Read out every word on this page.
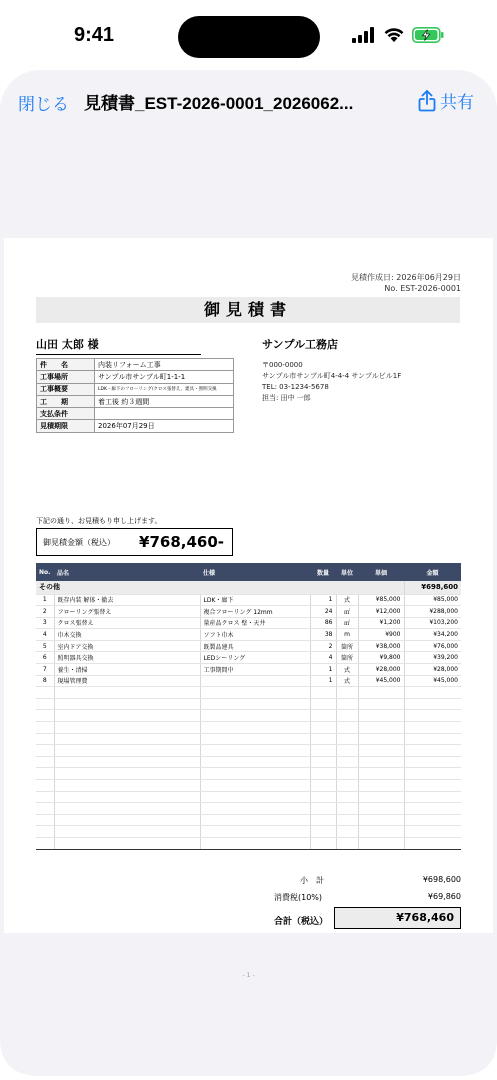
9:41
閉じる 見積書_EST-2026-0001_2026062...	共有
見積作成日: 2026年06月29日
No. EST-2026-0001
御見積書
山田 太郎 様
件　　名	内装リフォーム工事
工事場所	サンプル市サンプル町1-1-1
工事概要	LDK・廊下のフローリング/クロス張替え、建具・照明交換
工　　期	着工後 約３週間
支払条件	
見積期限	2026年07月29日
サンプル工務店
〒000-0000
サンプル市サンプル町4-4-4 サンプルビル1F
TEL: 03-1234-5678
担当: 田中 一郎
下記の通り、お見積もり申し上げます。
御見積金額（税込） ¥768,460-
No.	品名	仕様	数量	単位	単価	金額
その他						¥698,600
1	既存内装 解体・撤去	LDK・廊下	1	式	¥85,000	¥85,000
2	フローリング張替え	複合フローリング 12mm	24	㎡	¥12,000	¥288,000
3	クロス張替え	量産品クロス 壁・天井	86	㎡	¥1,200	¥103,200
4	巾木交換	ソフト巾木	38	m	¥900	¥34,200
5	室内ドア交換	既製品建具	2	箇所	¥38,000	¥76,000
6	照明器具交換	LEDシーリング	4	箇所	¥9,800	¥39,200
7	養生・清掃	工事期間中	1	式	¥28,000	¥28,000
8	現場管理費		1	式	¥45,000	¥45,000

小　計	¥698,600
消費税(10%)	¥69,860
合計（税込）	¥768,460
- 1 -
